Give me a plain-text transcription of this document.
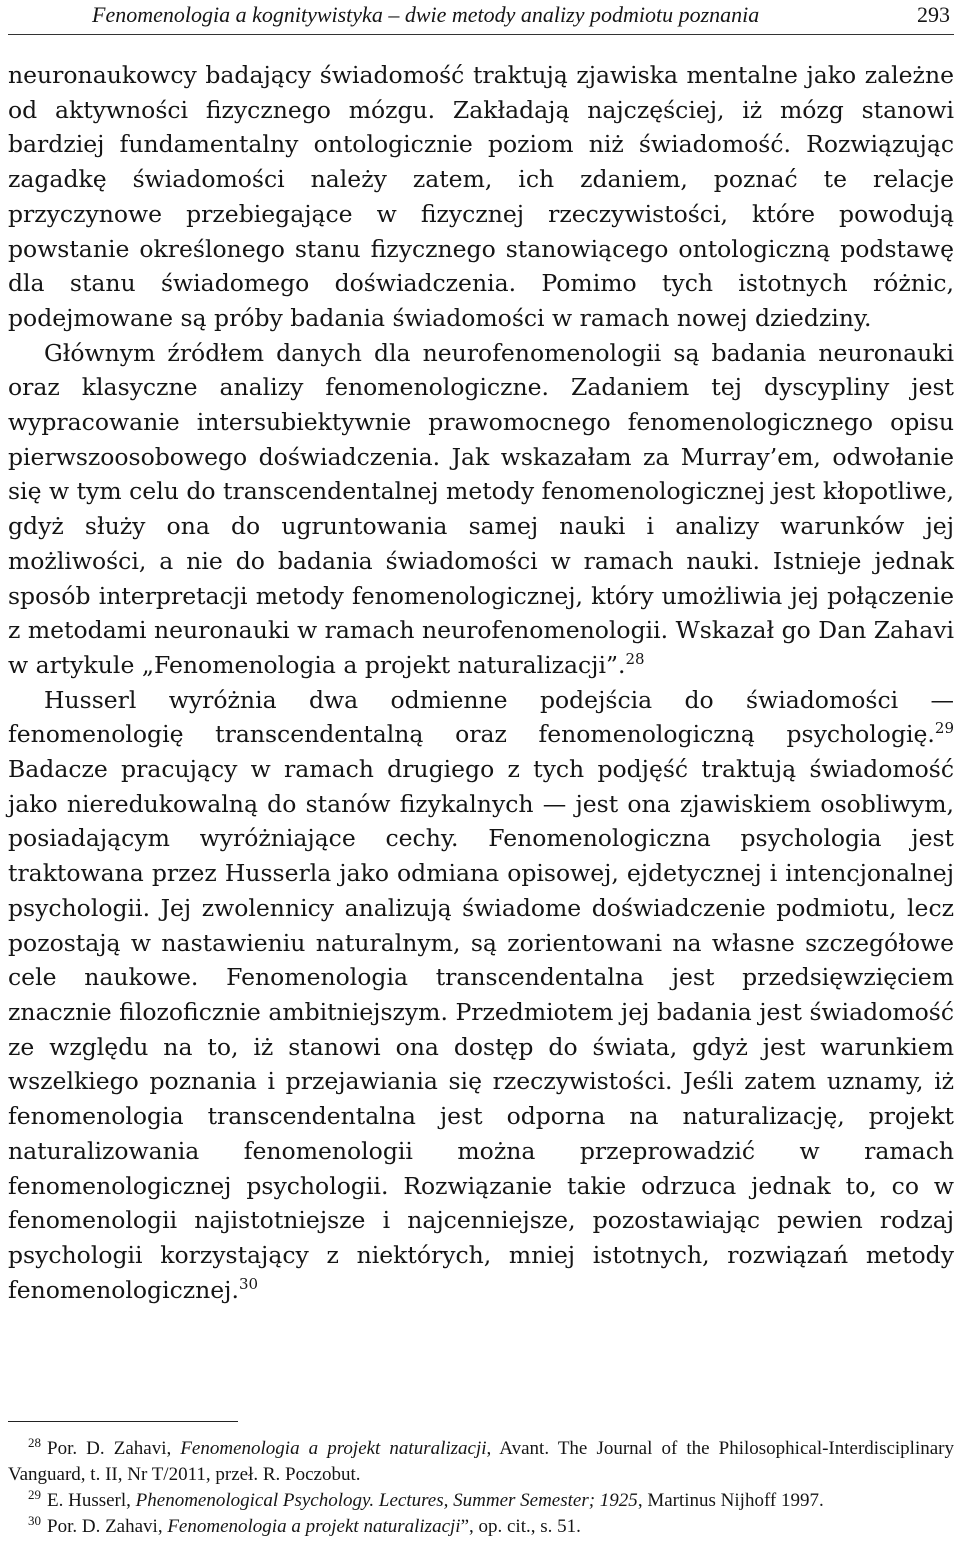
Fenomenologia a kognitywistyka – dwie metody analizy podmiotu poznania	293

neuronaukowcy badający świadomość traktują zjawiska mentalne jako zależne od aktywności fizycznego mózgu. Zakładają najczęściej, iż mózg stanowi bardziej fundamentalny ontologicznie poziom niż świadomość. Rozwiązując zagadkę świadomości należy zatem, ich zdaniem, poznać te relacje przyczynowe przebiegające w fizycznej rzeczywistości, które powodują powstanie określonego stanu fizycznego stanowiącego ontologiczną podstawę dla stanu świadomego doświadczenia. Pomimo tych istotnych różnic, podejmowane są próby badania świadomości w ramach nowej dziedziny.

Głównym źródłem danych dla neurofenomenologii są badania neuronauki oraz klasyczne analizy fenomenologiczne. Zadaniem tej dyscypliny jest wypracowanie intersubiektywnie prawomocnego fenomenologicznego opisu pierwszoosobowego doświadczenia. Jak wskazałam za Murray’em, odwołanie się w tym celu do transcendentalnej metody fenomenologicznej jest kłopotliwe, gdyż służy ona do ugruntowania samej nauki i analizy warunków jej możliwości, a nie do badania świadomości w ramach nauki. Istnieje jednak sposób interpretacji metody fenomenologicznej, który umożliwia jej połączenie z metodami neuronauki w ramach neurofenomenologii. Wskazał go Dan Zahavi w artykule „Fenomenologia a projekt naturalizacji”.$^{28}$

Husserl wyróżnia dwa odmienne podejścia do świadomości — fenomenologię transcendentalną oraz fenomenologiczną psychologię.$^{29}$ Badacze pracujący w ramach drugiego z tych podjęść traktują świadomość jako nieredukowalną do stanów fizykalnych — jest ona zjawiskiem osobliwym, posiadającym wyróżniające cechy. Fenomenologiczna psychologia jest traktowana przez Husserla jako odmiana opisowej, ejdetycznej i intencjonalnej psychologii. Jej zwolennicy analizują świadome doświadczenie podmiotu, lecz pozostają w nastawieniu naturalnym, są zorientowani na własne szczegółowe cele naukowe. Fenomenologia transcendentalna jest przedsięwzięciem znacznie filozoficznie ambitniejszym. Przedmiotem jej badania jest świadomość ze względu na to, iż stanowi ona dostęp do świata, gdyż jest warunkiem wszelkiego poznania i przejawiania się rzeczywistości. Jeśli zatem uznamy, iż fenomenologia transcendentalna jest odporna na naturalizację, projekt naturalizowania fenomenologii można przeprowadzić w ramach fenomenologicznej psychologii. Rozwiązanie takie odrzuca jednak to, co w fenomenologii najistotniejsze i najcenniejsze, pozostawiając pewien rodzaj psychologii korzystający z niektórych, mniej istotnych, rozwiązań metody fenomenologicznej.$^{30}$

$^{28}$ Por. D. Zahavi, Fenomenologia a projekt naturalizacji, Avant. The Journal of the Philosophical-Interdisciplinary Vanguard, t. II, Nr T/2011, przeł. R. Poczobut.

$^{29}$ E. Husserl, Phenomenological Psychology. Lectures, Summer Semester; 1925, Martinus Nijhoff 1997.

$^{30}$ Por. D. Zahavi, Fenomenologia a projekt naturalizacji”, op. cit., s. 51.
